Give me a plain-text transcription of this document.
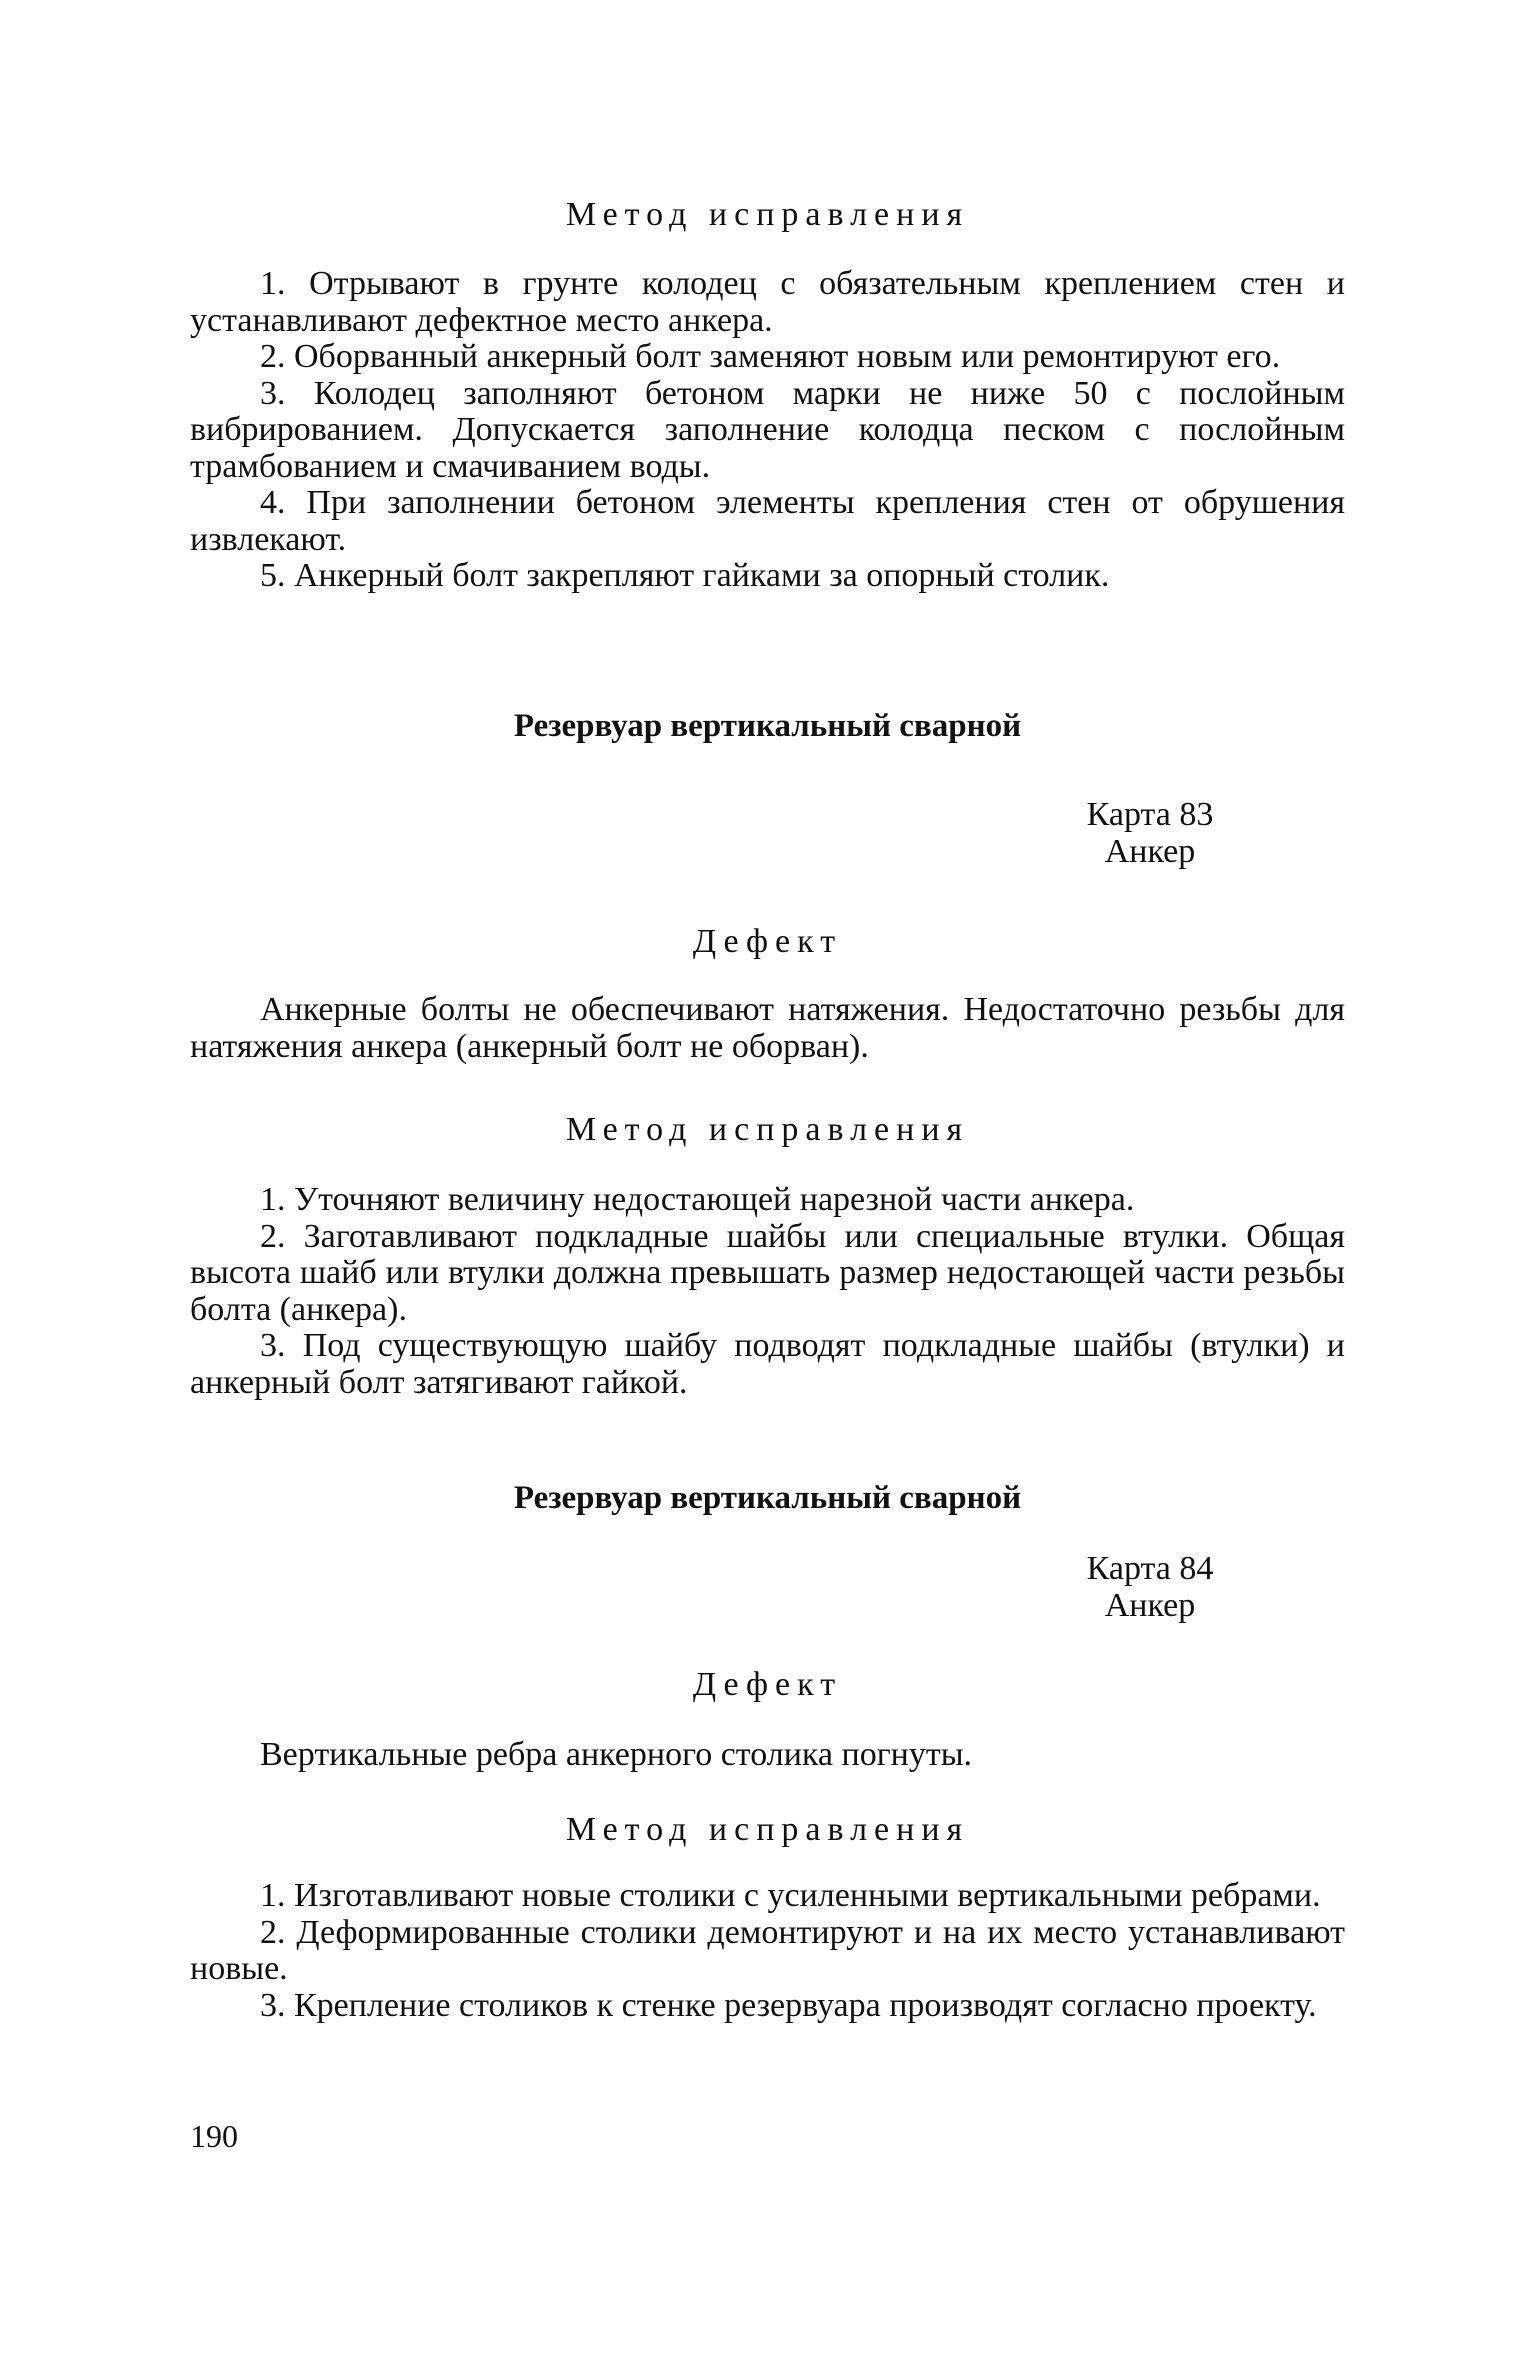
Метод исправления

1. Отрывают в грунте колодец с обязательным креплением стен и устанавливают дефектное место анкера.

2. Оборванный анкерный болт заменяют новым или ремонтируют его.

3. Колодец заполняют бетоном марки не ниже 50 с послойным вибрированием. Допускается заполнение колодца песком с послойным трамбованием и смачиванием воды.

4. При заполнении бетоном элементы крепления стен от обрушения извлекают.

5. Анкерный болт закрепляют гайками за опорный столик.

Резервуар вертикальный сварной

Карта 83
Анкер

Дефект

Анкерные болты не обеспечивают натяжения. Недостаточно резьбы для натяжения анкера (анкерный болт не оборван).

Метод исправления

1. Уточняют величину недостающей нарезной части анкера.

2. Заготавливают подкладные шайбы или специальные втулки. Общая высота шайб или втулки должна превышать размер недостающей части резьбы болта (анкера).

3. Под существующую шайбу подводят подкладные шайбы (втулки) и анкерный болт затягивают гайкой.

Резервуар вертикальный сварной

Карта 84
Анкер

Дефект

Вертикальные ребра анкерного столика погнуты.

Метод исправления

1. Изготавливают новые столики с усиленными вертикальными ребрами.

2. Деформированные столики демонтируют и на их место устанавливают новые.

3. Крепление столиков к стенке резервуара производят согласно проекту.

190
